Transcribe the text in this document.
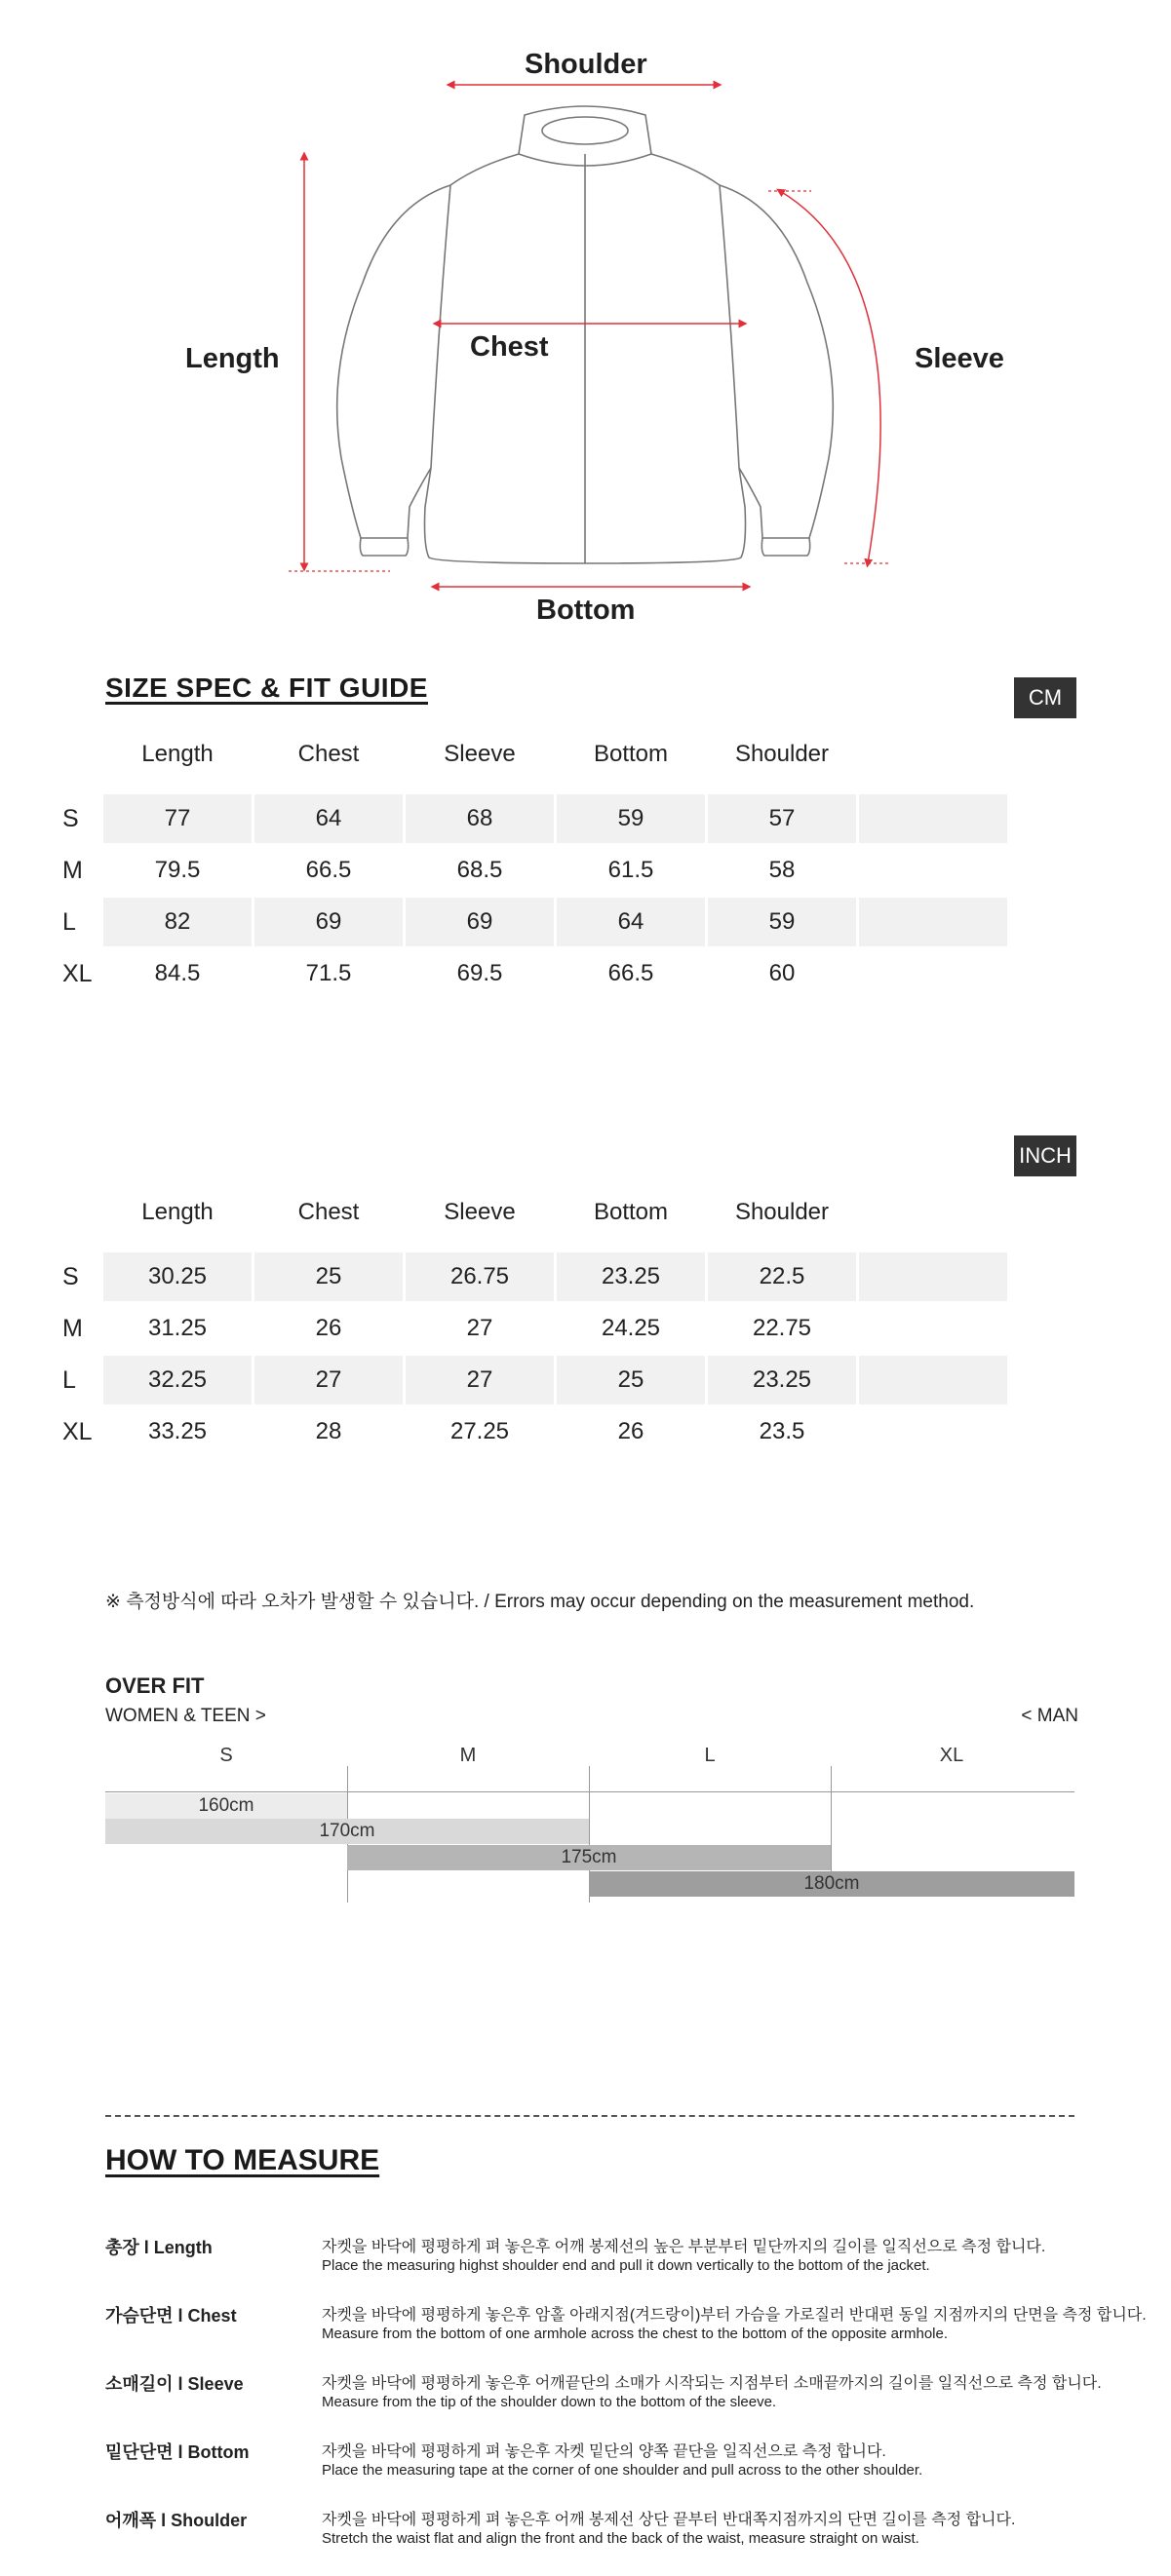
Shoulder
Length	Chest	Sleeve
Bottom
SIZE SPEC & FIT GUIDE	CM
Length	Chest	Sleeve	Bottom	Shoulder
S	77	64	68	59	57
M	79.5	66.5	68.5	61.5	58
L	82	69	69	64	59
XL	84.5	71.5	69.5	66.5	60
INCH
Length	Chest	Sleeve	Bottom	Shoulder
S	30.25	25	26.75	23.25	22.5
M	31.25	26	27	24.25	22.75
L	32.25	27	27	25	23.25
XL	33.25	28	27.25	26	23.5
※ 측정방식에 따라 오차가 발생할 수 있습니다. / Errors may occur depending on the measurement method.
OVER FIT
WOMEN & TEEN >	< MAN
S	M	L	XL
160cm
170cm
175cm
180cm
HOW TO MEASURE
총장 l Length	자켓을 바닥에 평평하게 펴 놓은후 어깨 봉제선의 높은 부분부터 밑단까지의 길이를 일직선으로 측정 합니다.
Place the measuring highst shoulder end and pull it down vertically to the bottom of the jacket.
가슴단면 l Chest	자켓을 바닥에 평평하게 놓은후 암홀 아래지점(겨드랑이)부터 가슴을 가로질러 반대편 동일 지점까지의 단면을 측정 합니다.
Measure from the bottom of one armhole across the chest to the bottom of the opposite armhole.
소매길이 l Sleeve	자켓을 바닥에 평평하게 놓은후 어깨끝단의 소매가 시작되는 지점부터 소매끝까지의 길이를 일직선으로 측정 합니다.
Measure from the tip of the shoulder down to the bottom of the sleeve.
밑단단면 l Bottom	자켓을 바닥에 평평하게 펴 놓은후 자켓 밑단의 양쪽 끝단을 일직선으로 측정 합니다.
Place the measuring tape at the corner of one shoulder and pull across to the other shoulder.
어깨폭 l Shoulder	자켓을 바닥에 평평하게 펴 놓은후 어깨 봉제선 상단 끝부터 반대쪽지점까지의 단면 길이를 측정 합니다.
Stretch the waist flat and align the front and the back of the waist, measure straight on waist.
